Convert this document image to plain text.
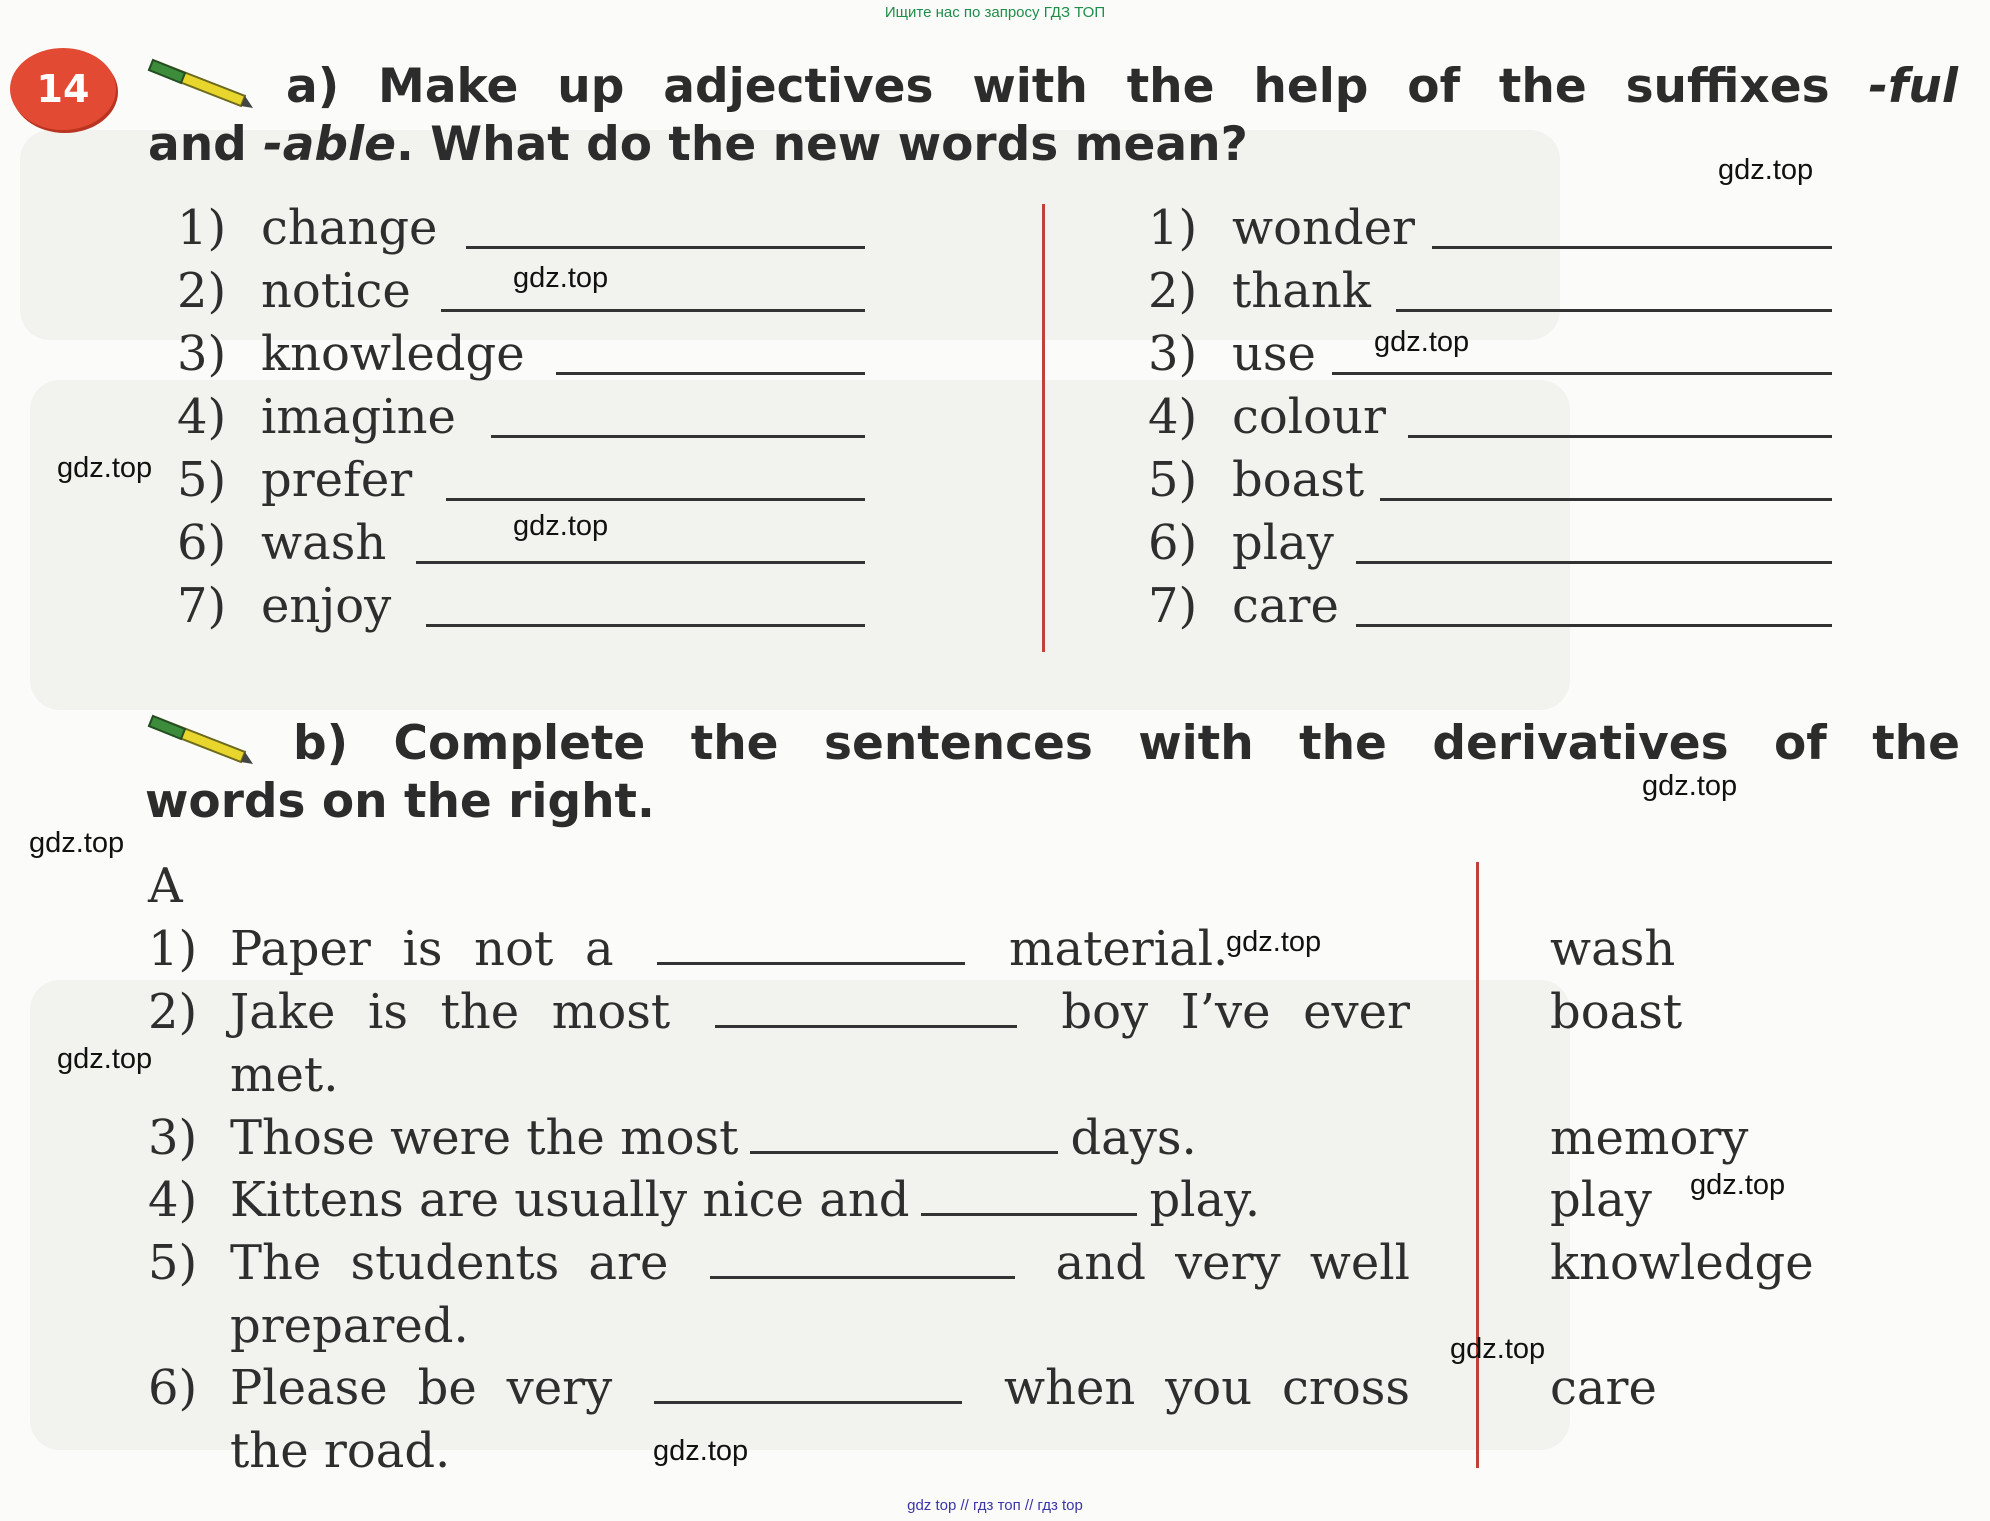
Ищите нас по запросу ГДЗ ТОП
14	a) Make up adjectives with the help of the suffixes -ful
and -able. What do the new words mean?
1) change
2) notice
3) knowledge
4) imagine
5) prefer
6) wash
7) enjoy
1) wonder
2) thank
3) use
4) colour
5) boast
6) play
7) care
b) Complete the sentences with the derivatives of the
words on the right.
A
1) Paper is not a	material.
2) Jake is the most	boy I’ve ever
met.
3) Those were the most	days.
4) Kittens are usually nice and	play.
5) The students are	and very well
prepared.
6) Please be very	when you cross
the road.
wash
boast
memory
play
knowledge
care
gdz.top
gdz.top
gdz.top
gdz.top
gdz.top
gdz.top
gdz.top
gdz.top
gdz.top
gdz.top
gdz.top
gdz.top
gdz top // гдз топ // гдз top
